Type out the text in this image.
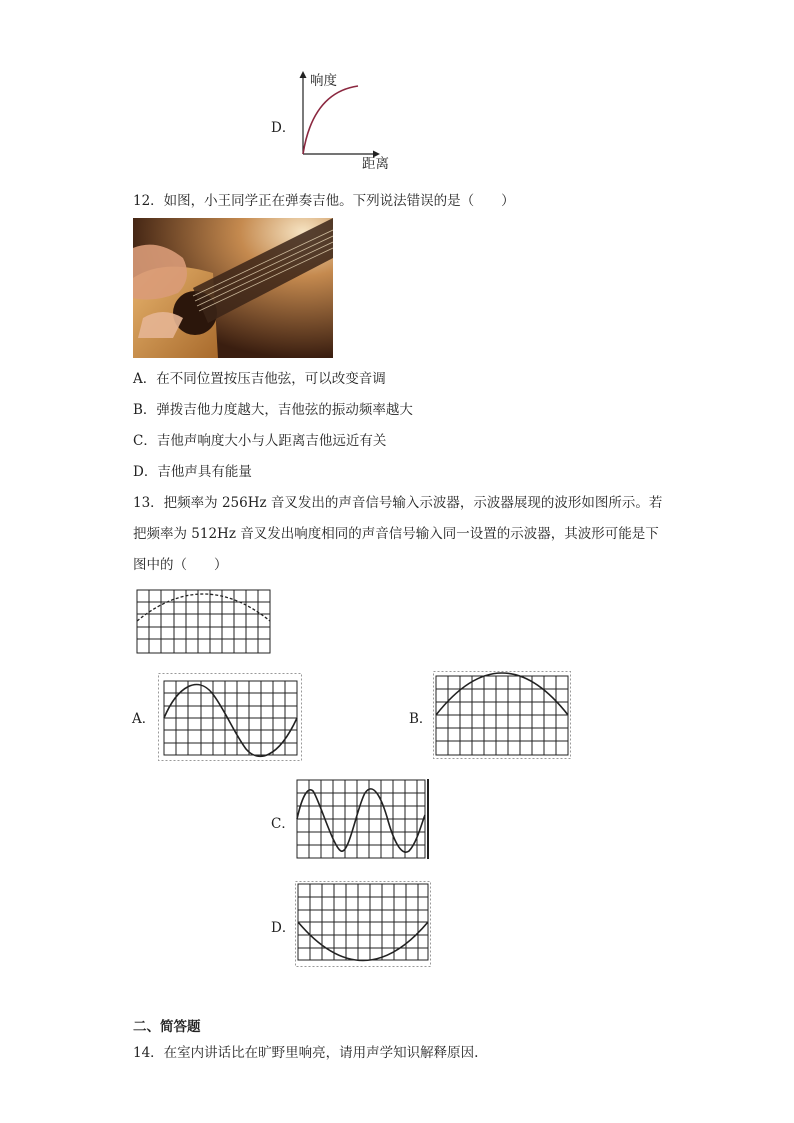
D．
响度
距离
12．如图，小王同学正在弹奏吉他。下列说法错误的是（　　）
A．在不同位置按压吉他弦，可以改变音调
B．弹拨吉他力度越大，吉他弦的振动频率越大
C．吉他声响度大小与人距离吉他远近有关
D．吉他声具有能量
13．把频率为 256Hz 音叉发出的声音信号输入示波器，示波器展现的波形如图所示。若
把频率为 512Hz 音叉发出响度相同的声音信号输入同一设置的示波器，其波形可能是下
图中的（　　）
A．	B．
C．
D．
二、简答题
14．在室内讲话比在旷野里响亮，请用声学知识解释原因.
